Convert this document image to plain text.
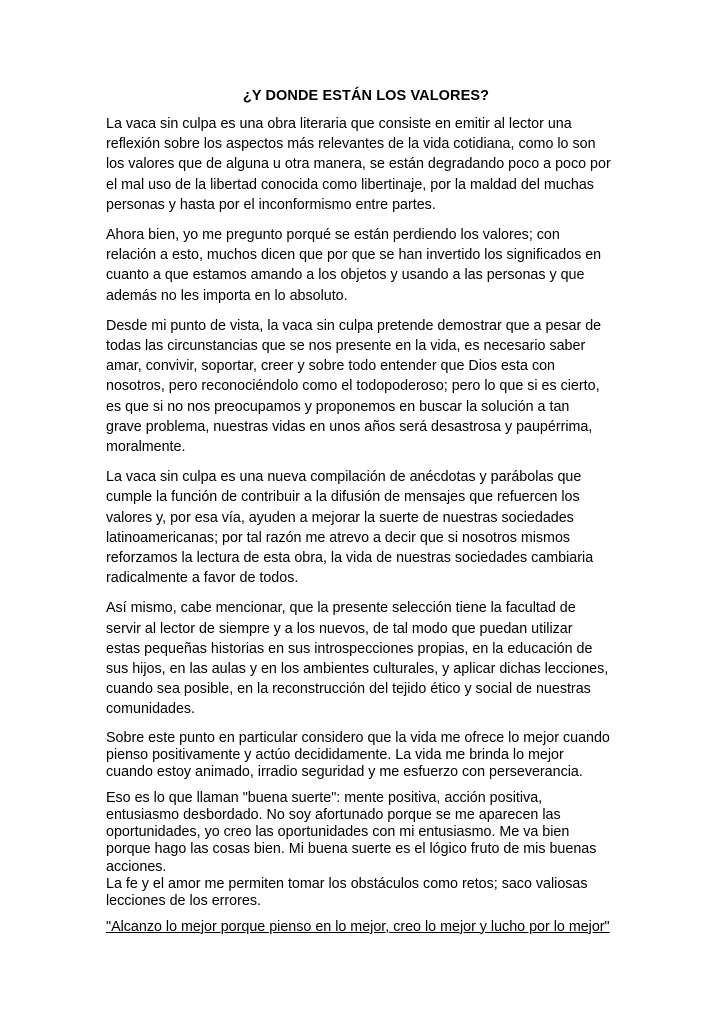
¿Y DONDE ESTÁN LOS VALORES?
La vaca sin culpa es una obra literaria que consiste en emitir al lector una
reflexión sobre los aspectos más relevantes de la vida cotidiana, como lo son
los valores que de alguna u otra manera, se están degradando poco a poco por
el mal uso de la libertad conocida como libertinaje, por la maldad del muchas
personas y hasta por el inconformismo entre partes.
Ahora bien, yo me pregunto porqué se están perdiendo los valores; con
relación a esto, muchos dicen que por que se han invertido los significados en
cuanto a que estamos amando a los objetos y usando a las personas y que
además no les importa en lo absoluto.
Desde mi punto de vista, la vaca sin culpa pretende demostrar que a pesar de
todas las circunstancias que se nos presente en la vida, es necesario saber
amar, convivir, soportar, creer y sobre todo entender que Dios esta con
nosotros, pero reconociéndolo como el todopoderoso; pero lo que si es cierto,
es que si no nos preocupamos y proponemos en buscar la solución a tan
grave problema, nuestras vidas en unos años será desastrosa y paupérrima,
moralmente.
La vaca sin culpa es una nueva compilación de anécdotas y parábolas que
cumple la función de contribuir a la difusión de mensajes que refuercen los
valores y, por esa vía, ayuden a mejorar la suerte de nuestras sociedades
latinoamericanas; por tal razón me atrevo a decir que si nosotros mismos
reforzamos la lectura de esta obra, la vida de nuestras sociedades cambiaria
radicalmente a favor de todos.
Así mismo, cabe mencionar, que la presente selección tiene la facultad de
servir al lector de siempre y a los nuevos, de tal modo que puedan utilizar
estas pequeñas historias en sus introspecciones propias, en la educación de
sus hijos, en las aulas y en los ambientes culturales, y aplicar dichas lecciones,
cuando sea posible, en la reconstrucción del tejido ético y social de nuestras
comunidades.
Sobre este punto en particular considero que la vida me ofrece lo mejor cuando
pienso positivamente y actúo decididamente. La vida me brinda lo mejor
cuando estoy animado, irradio seguridad y me esfuerzo con perseverancia.
Eso es lo que llaman "buena suerte": mente positiva, acción positiva,
entusiasmo desbordado. No soy afortunado porque se me aparecen las
oportunidades, yo creo las oportunidades con mi entusiasmo. Me va bien
porque hago las cosas bien. Mi buena suerte es el lógico fruto de mis buenas
acciones.
La fe y el amor me permiten tomar los obstáculos como retos; saco valiosas
lecciones de los errores.
"Alcanzo lo mejor porque pienso en lo mejor, creo lo mejor y lucho por lo mejor"
